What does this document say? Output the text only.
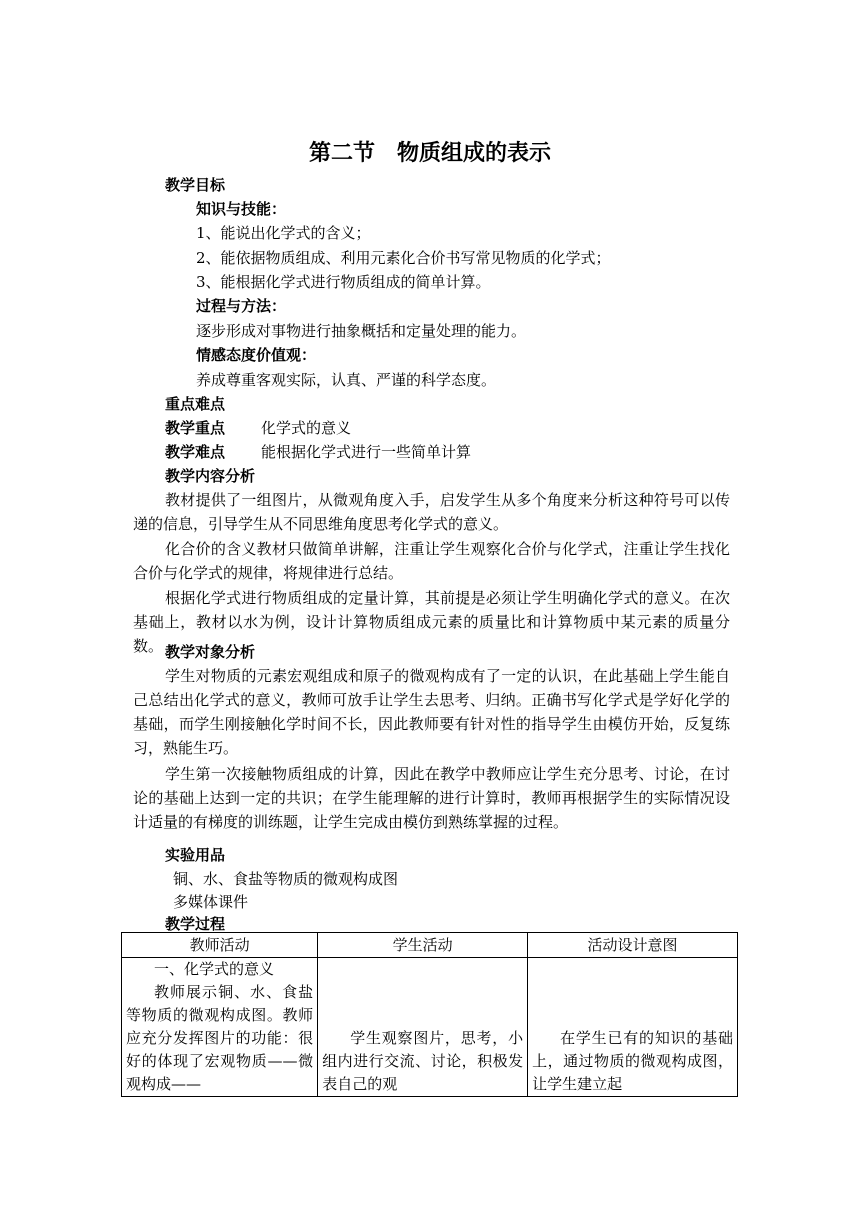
第二节　物质组成的表示
教学目标
知识与技能：
1、能说出化学式的含义；
2、能依据物质组成、利用元素化合价书写常见物质的化学式；
3、能根据化学式进行物质组成的简单计算。
过程与方法：
逐步形成对事物进行抽象概括和定量处理的能力。
情感态度价值观：
养成尊重客观实际，认真、严谨的科学态度。
重点难点
教学重点 化学式的意义
教学难点 能根据化学式进行一些简单计算
教学内容分析
教材提供了一组图片，从微观角度入手，启发学生从多个角度来分析这种符号可以传递的信息，引导学生从不同思维角度思考化学式的意义。
化合价的含义教材只做简单讲解，注重让学生观察化合价与化学式，注重让学生找化合价与化学式的规律，将规律进行总结。
根据化学式进行物质组成的定量计算，其前提是必须让学生明确化学式的意义。在次基础上，教材以水为例，设计计算物质组成元素的质量比和计算物质中某元素的质量分数。 教学对象分析
学生对物质的元素宏观组成和原子的微观构成有了一定的认识，在此基础上学生能自己总结出化学式的意义，教师可放手让学生去思考、归纳。正确书写化学式是学好化学的基础，而学生刚接触化学时间不长，因此教师要有针对性的指导学生由模仿开始，反复练习，熟能生巧。
学生第一次接触物质组成的计算，因此在教学中教师应让学生充分思考、讨论，在讨论的基础上达到一定的共识；在学生能理解的进行计算时，教师再根据学生的实际情况设计适量的有梯度的训练题，让学生完成由模仿到熟练掌握的过程。
实验用品
铜、水、食盐等物质的微观构成图
多媒体课件
教学过程
教师活动	学生活动	活动设计意图

一、化学式的意义
教师展示铜、水、食盐等物质的微观构成图。教师应充分发挥图片的功能：很好的体现了宏观物质——微观构成——	学生观察图片，思考，小组内进行交流、讨论，积极发表自己的观	在学生已有的知识的基础上，通过物质的微观构成图，让学生建立起
